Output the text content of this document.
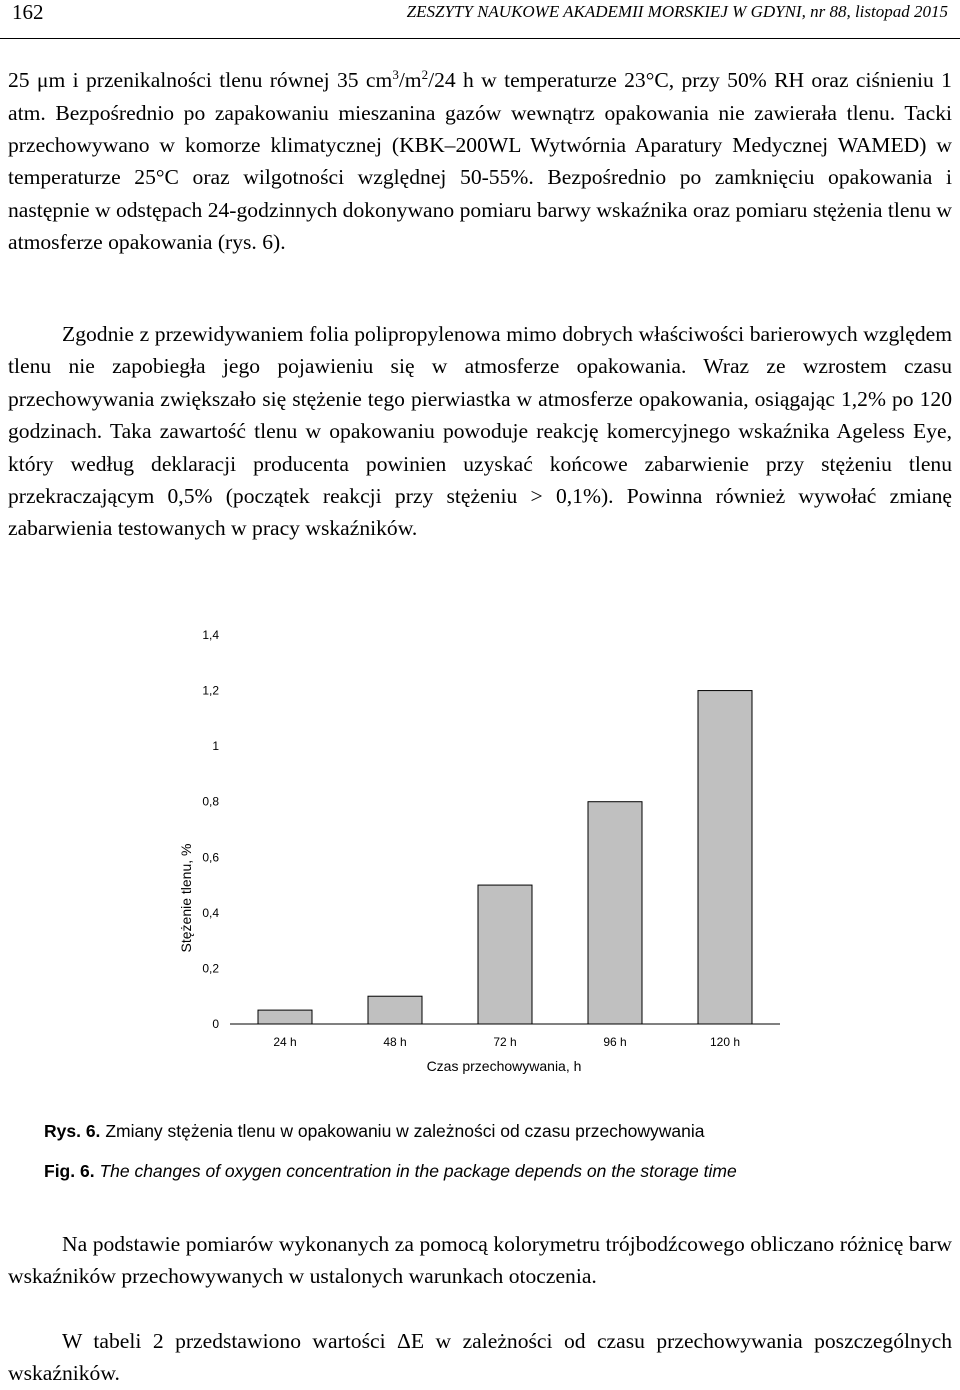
162	ZESZYTY NAUKOWE AKADEMII MORSKIEJ W GDYNI, nr 88, listopad 2015

25 μm i przenikalności tlenu równej 35 $cm^3/m^2/24$ h w temperaturze 23°C, przy 50% RH oraz ciśnieniu 1 atm. Bezpośrednio po zapakowaniu mieszanina gazów wewnątrz opakowania nie zawierała tlenu. Tacki przechowywano w komorze klimatycznej (KBK–200WL Wytwórnia Aparatury Medycznej WAMED) w temperaturze 25°C oraz wilgotności względnej 50-55%. Bezpośrednio po zamknięciu opakowania i następnie w odstępach 24-godzinnych dokonywano pomiaru barwy wskaźnika oraz pomiaru stężenia tlenu w atmosferze opakowania (rys. 6).

Zgodnie z przewidywaniem folia polipropylenowa mimo dobrych właściwości barierowych względem tlenu nie zapobiegła jego pojawieniu się w atmosferze opakowania. Wraz ze wzrostem czasu przechowywania zwiększało się stężenie tego pierwiastka w atmosferze opakowania, osiągając 1,2% po 120 godzinach. Taka zawartość tlenu w opakowaniu powoduje reakcję komercyjnego wskaźnika Ageless Eye, który według deklaracji producenta powinien uzyskać końcowe zabarwienie przy stężeniu tlenu przekraczającym 0,5% (początek reakcji przy stężeniu > 0,1%). Powinna również wywołać zmianę zabarwienia testowanych w pracy wskaźników.

0
0,2
0,4
0,6
0,8
1
1,2
1,4
Stężenie tlenu, %
24 h	48 h	72 h	96 h	120 h
Czas przechowywania, h
Rys. 6. Zmiany stężenia tlenu w opakowaniu w zależności od czasu przechowywania
Fig. 6. The changes of oxygen concentration in the package depends on the storage time

Na podstawie pomiarów wykonanych za pomocą kolorymetru trójbodźcowego obliczano różnicę barw wskaźników przechowywanych w ustalonych warunkach otoczenia.

W tabeli 2 przedstawiono wartości ΔE w zależności od czasu przechowywania poszczególnych wskaźników.
